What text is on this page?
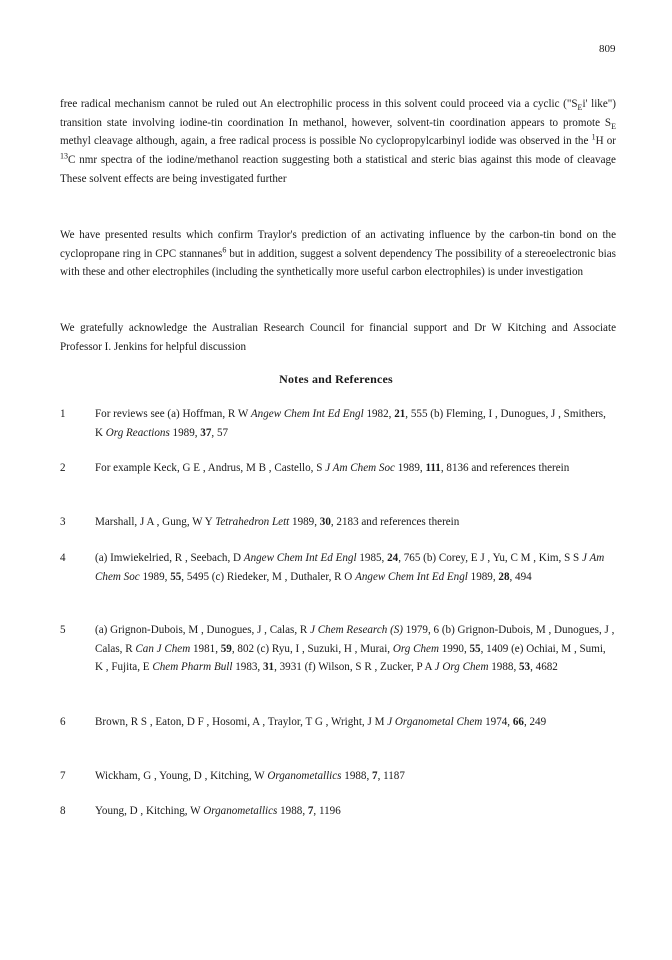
809
free radical mechanism cannot be ruled out An electrophilic process in this solvent could proceed via a cyclic ("$S_Ei'$ like") transition state involving iodine-tin coordination In methanol, however, solvent-tin coordination appears to promote $S_E$ methyl cleavage although, again, a free radical process is possible No cyclopropylcarbinyl iodide was observed in the $^1$H or $^{13}$C nmr spectra of the iodine/methanol reaction suggesting both a statistical and steric bias against this mode of cleavage These solvent effects are being investigated further
We have presented results which confirm Traylor's prediction of an activating influence by the carbon-tin bond on the cyclopropane ring in CPC stannanes$^6$ but in addition, suggest a solvent dependency The possibility of a stereoelectronic bias with these and other electrophiles (including the synthetically more useful carbon electrophiles) is under investigation
We gratefully acknowledge the Australian Research Council for financial support and Dr W Kitching and Associate Professor I. Jenkins for helpful discussion
Notes and References
1	For reviews see (a) Hoffman, R W Angew Chem Int Ed Engl 1982, 21, 555 (b) Fleming, I , Dunogues, J , Smithers, K Org Reactions 1989, 37, 57
2	For example Keck, G E , Andrus, M B , Castello, S J Am Chem Soc 1989, 111, 8136 and references therein
3	Marshall, J A , Gung, W Y Tetrahedron Lett 1989, 30, 2183 and references therein
4	(a) Imwiekelried, R , Seebach, D Angew Chem Int Ed Engl 1985, 24, 765 (b) Corey, E J , Yu, C M , Kim, S S J Am Chem Soc 1989, 55, 5495 (c) Riedeker, M , Duthaler, R O Angew Chem Int Ed Engl 1989, 28, 494
5	(a) Grignon-Dubois, M , Dunogues, J , Calas, R J Chem Research (S) 1979, 6 (b) Grignon-Dubois, M , Dunogues, J , Calas, R Can J Chem 1981, 59, 802 (c) Ryu, I , Suzuki, H , Murai, Org Chem 1990, 55, 1409 (e) Ochiai, M , Sumi, K , Fujita, E Chem Pharm Bull 1983, 31, 3931 (f) Wilson, S R , Zucker, P A J Org Chem 1988, 53, 4682
6	Brown, R S , Eaton, D F , Hosomi, A , Traylor, T G , Wright, J M J Organometal Chem 1974, 66, 249
7	Wickham, G , Young, D , Kitching, W Organometallics 1988, 7, 1187
8	Young, D , Kitching, W Organometallics 1988, 7, 1196
